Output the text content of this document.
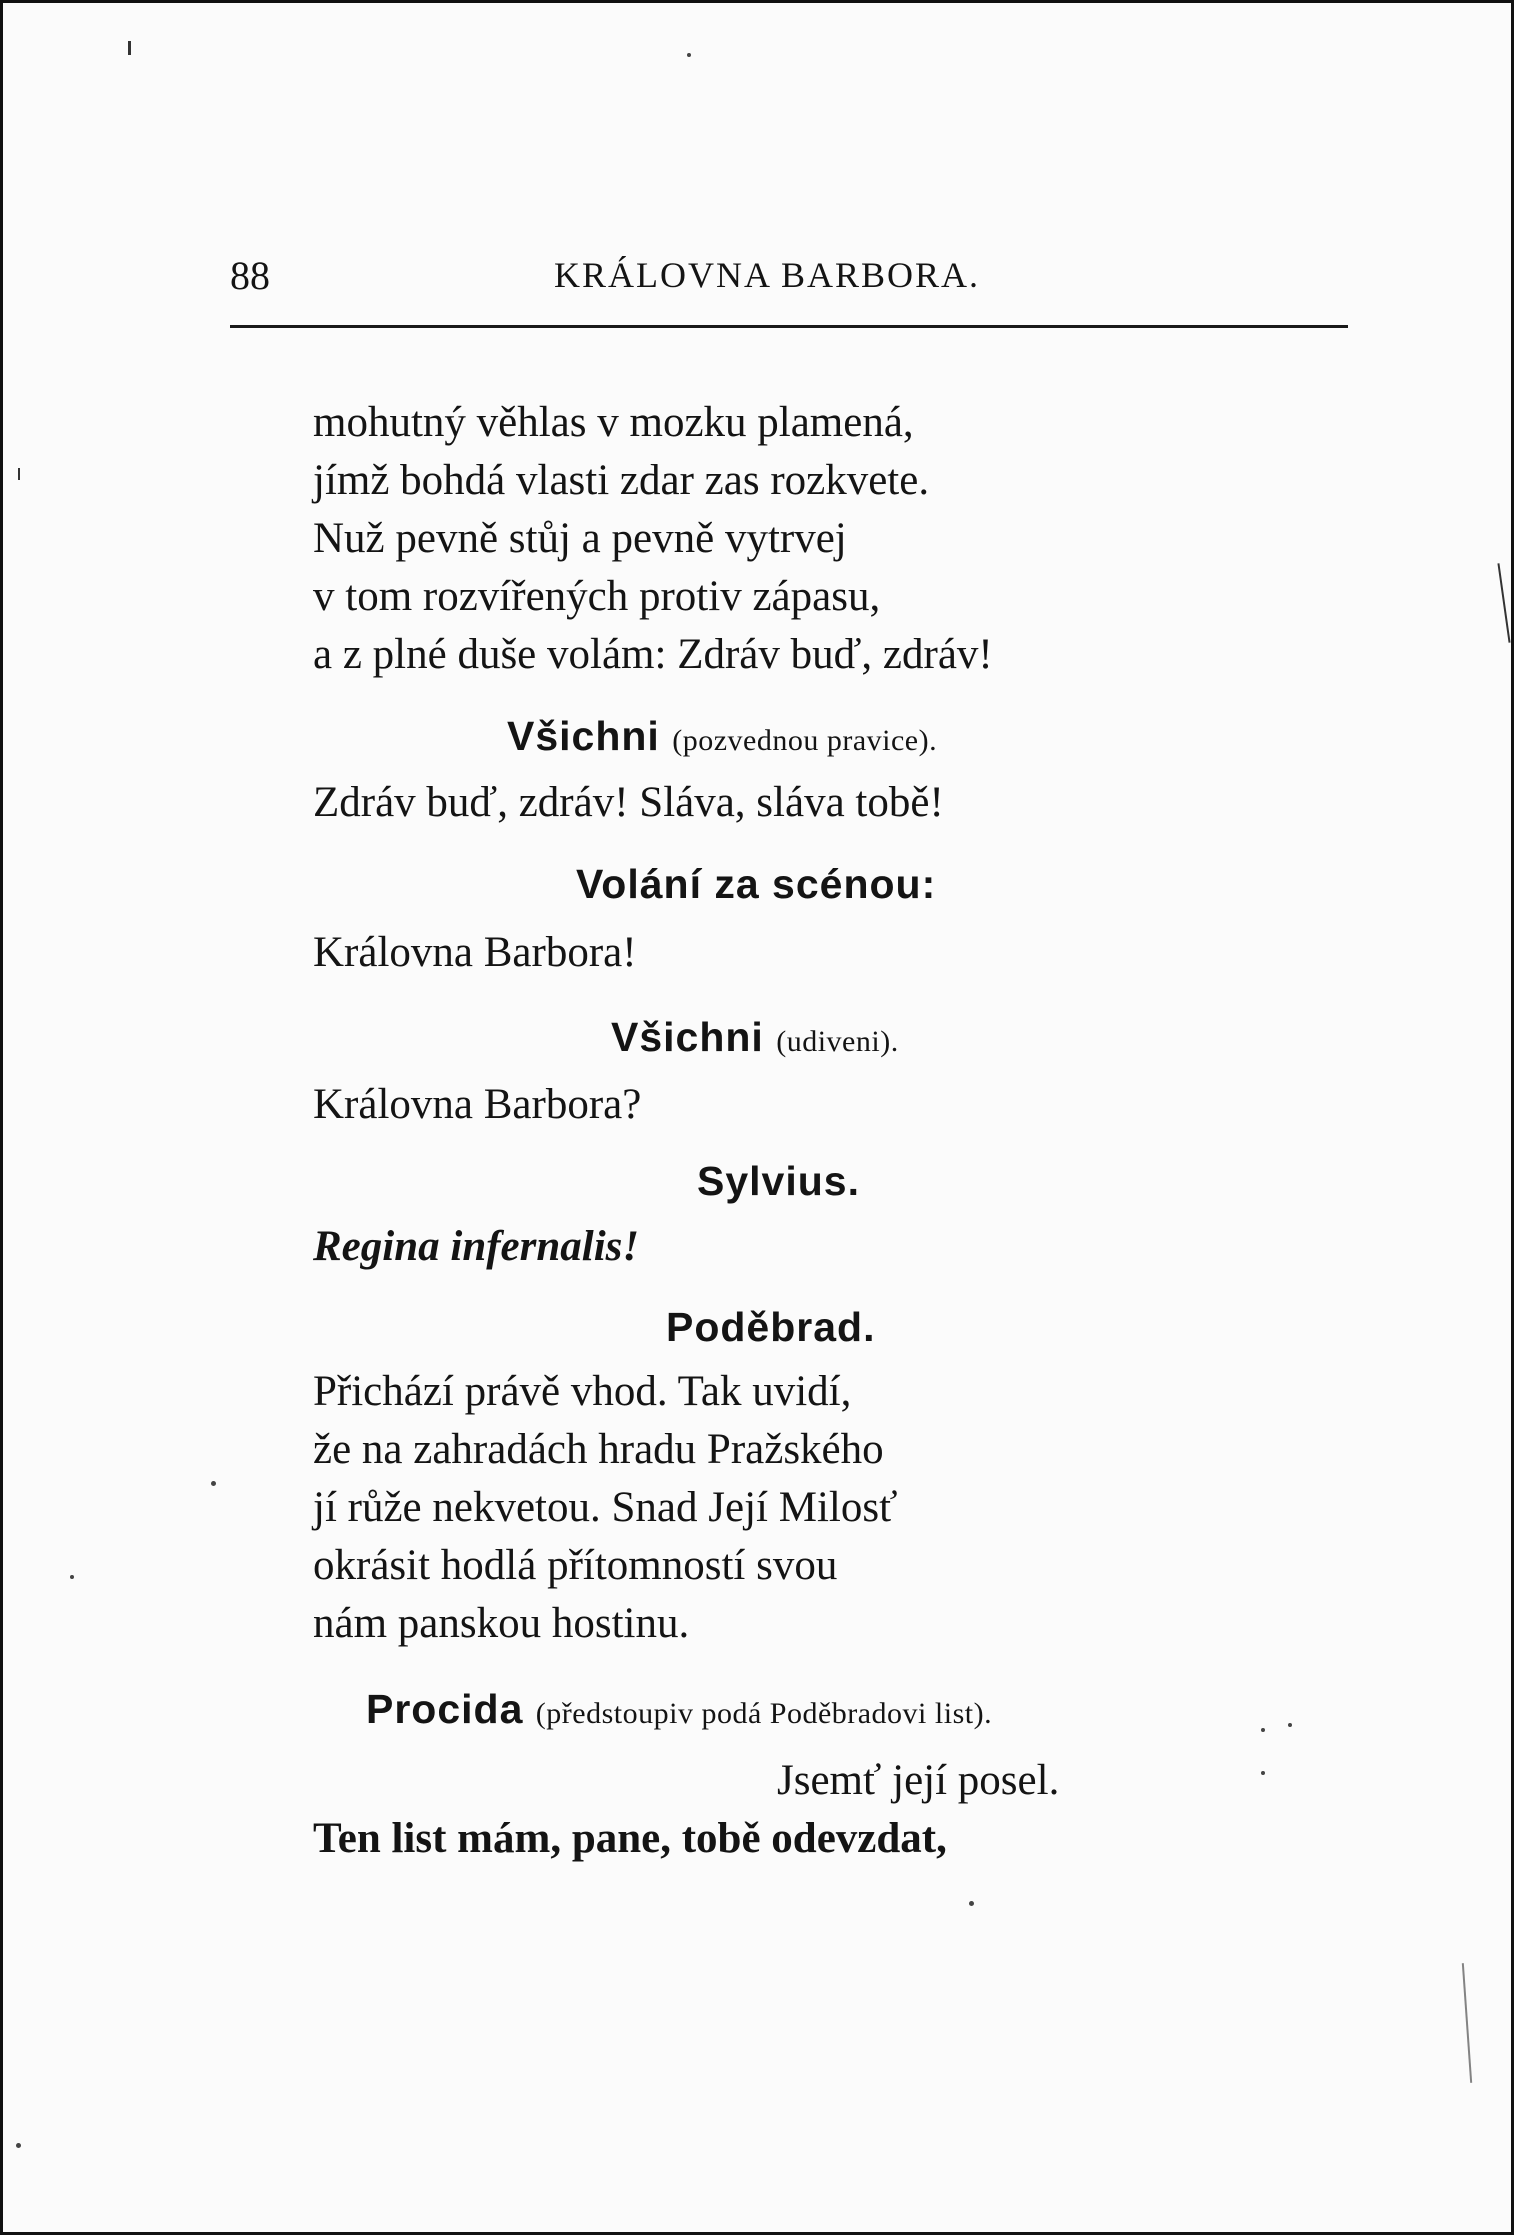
88	KRÁLOVNA BARBORA.
mohutný věhlas v mozku plamená,
jímž bohdá vlasti zdar zas rozkvete.
Nuž pevně stůj a pevně vytrvej
v tom rozvířených protiv zápasu,
a z plné duše volám: Zdráv buď, zdráv!
Všichni (pozvednou pravice).
Zdráv buď, zdráv! Sláva, sláva tobě!
Volání za scénou:
Královna Barbora!
Všichni (udiveni).
Královna Barbora?
Sylvius.
Regina infernalis!
Poděbrad.
Přichází právě vhod. Tak uvidí,
že na zahradách hradu Pražského
jí růže nekvetou. Snad Její Milosť
okrásit hodlá přítomností svou
nám panskou hostinu.
Procida (předstoupiv podá Poděbradovi list).
Jsemť její posel.
Ten list mám, pane, tobě odevzdat,
